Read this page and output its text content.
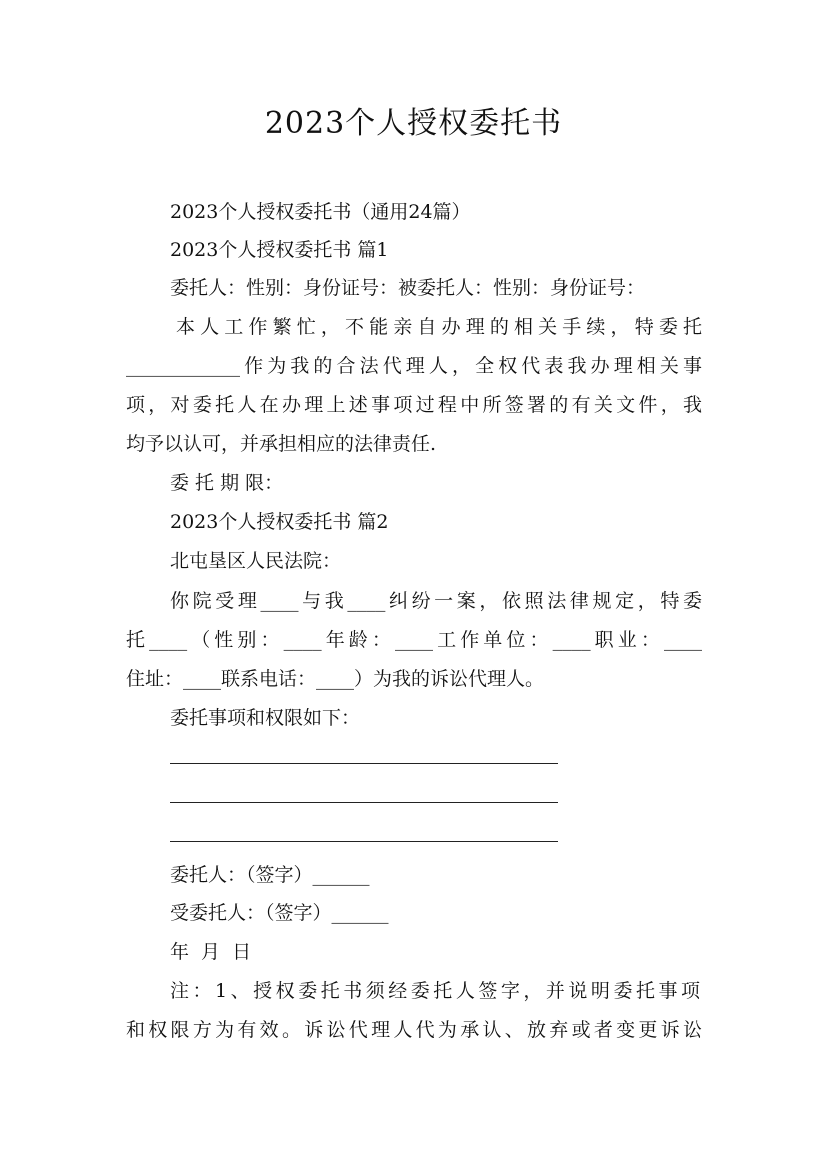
2023个人授权委托书
2023个人授权委托书（通用24篇）
2023个人授权委托书 篇1
委托人：性别：身份证号：被委托人：性别：身份证号：
本人工作繁忙，不能亲自办理的相关手续，特委托
____________作为我的合法代理人，全权代表我办理相关事
项，对委托人在办理上述事项过程中所签署的有关文件，我
均予以认可，并承担相应的法律责任.
委 托 期 限：
2023个人授权委托书 篇2
北屯垦区人民法院：
你院受理____与我____纠纷一案，依照法律规定，特委
托____（性别：____年龄：____工作单位：____职业：____
住址：____联系电话：____）为我的诉讼代理人。
委托事项和权限如下：
委托人：（签字）______
受委托人：（签字）______
年 月 日
注：1、授权委托书须经委托人签字，并说明委托事项
和权限方为有效。诉讼代理人代为承认、放弃或者变更诉讼
